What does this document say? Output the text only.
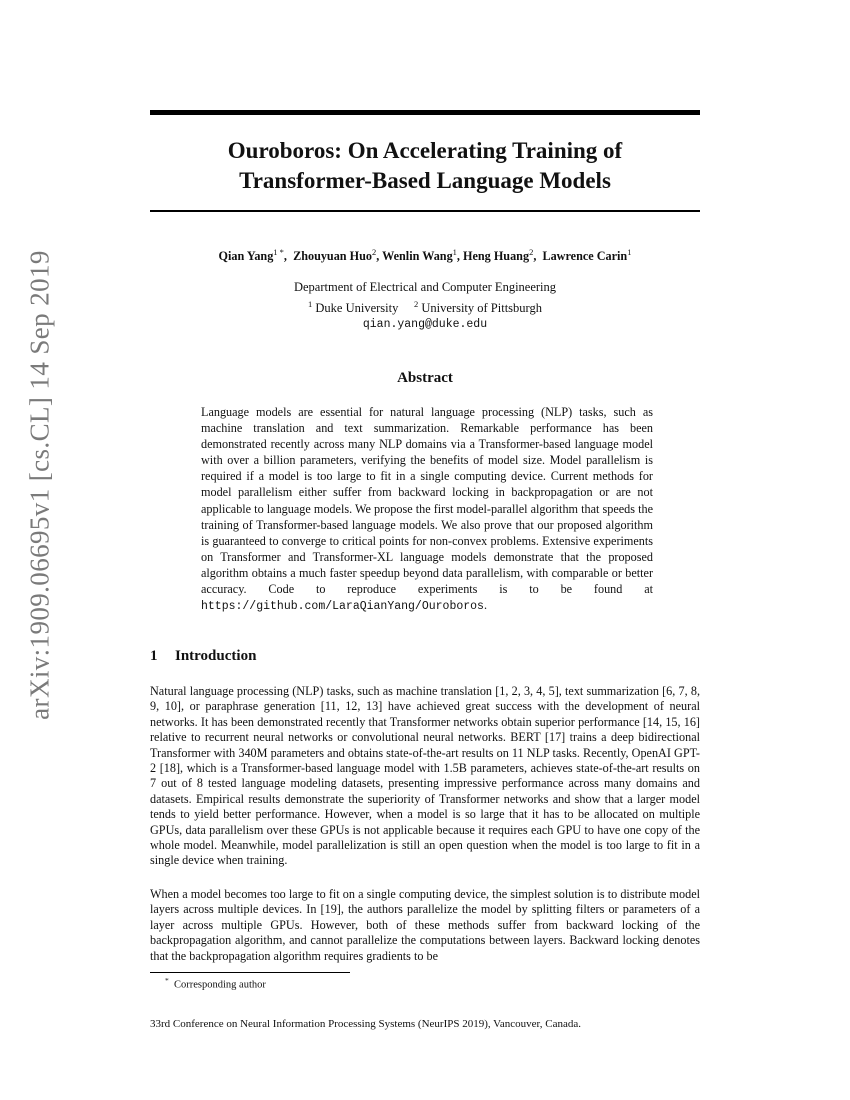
arXiv:1909.06695v1 [cs.CL] 14 Sep 2019
Ouroboros: On Accelerating Training of
Transformer-Based Language Models
Qian Yang$^{1 *}$,  Zhouyuan Huo$^2$, Wenlin Wang$^1$, Heng Huang$^2$,  Lawrence Carin$^1$
Department of Electrical and Computer Engineering
$^1$ Duke University $^2$ University of Pittsburgh
qian.yang@duke.edu
Abstract

Language models are essential for natural language processing (NLP) tasks, such as machine translation and text summarization. Remarkable performance has been demonstrated recently across many NLP domains via a Transformer-based language model with over a billion parameters, verifying the benefits of model size. Model parallelism is required if a model is too large to fit in a single computing device. Current methods for model parallelism either suffer from backward locking in backpropagation or are not applicable to language models. We propose the first model-parallel algorithm that speeds the training of Transformer-based language models. We also prove that our proposed algorithm is guaranteed to converge to critical points for non-convex problems. Extensive experiments on Transformer and Transformer-XL language models demonstrate that the proposed algorithm obtains a much faster speedup beyond data parallelism, with comparable or better accuracy. Code to reproduce experiments is to be found at https://github.com/LaraQianYang/Ouroboros.

1 Introduction

Natural language processing (NLP) tasks, such as machine translation [1, 2, 3, 4, 5], text summarization [6, 7, 8, 9, 10], or paraphrase generation [11, 12, 13] have achieved great success with the development of neural networks. It has been demonstrated recently that Transformer networks obtain superior performance [14, 15, 16] relative to recurrent neural networks or convolutional neural networks. BERT [17] trains a deep bidirectional Transformer with 340M parameters and obtains state-of-the-art results on 11 NLP tasks. Recently, OpenAI GPT-2 [18], which is a Transformer-based language model with 1.5B parameters, achieves state-of-the-art results on 7 out of 8 tested language modeling datasets, presenting impressive performance across many domains and datasets. Empirical results demonstrate the superiority of Transformer networks and show that a larger model tends to yield better performance. However, when a model is so large that it has to be allocated on multiple GPUs, data parallelism over these GPUs is not applicable because it requires each GPU to have one copy of the whole model. Meanwhile, model parallelization is still an open question when the model is too large to fit in a single device when training.

When a model becomes too large to fit on a single computing device, the simplest solution is to distribute model layers across multiple devices. In [19], the authors parallelize the model by splitting filters or parameters of a layer across multiple GPUs. However, both of these methods suffer from backward locking of the backpropagation algorithm, and cannot parallelize the computations between layers. Backward locking denotes that the backpropagation algorithm requires gradients to be

* Corresponding author
33rd Conference on Neural Information Processing Systems (NeurIPS 2019), Vancouver, Canada.
